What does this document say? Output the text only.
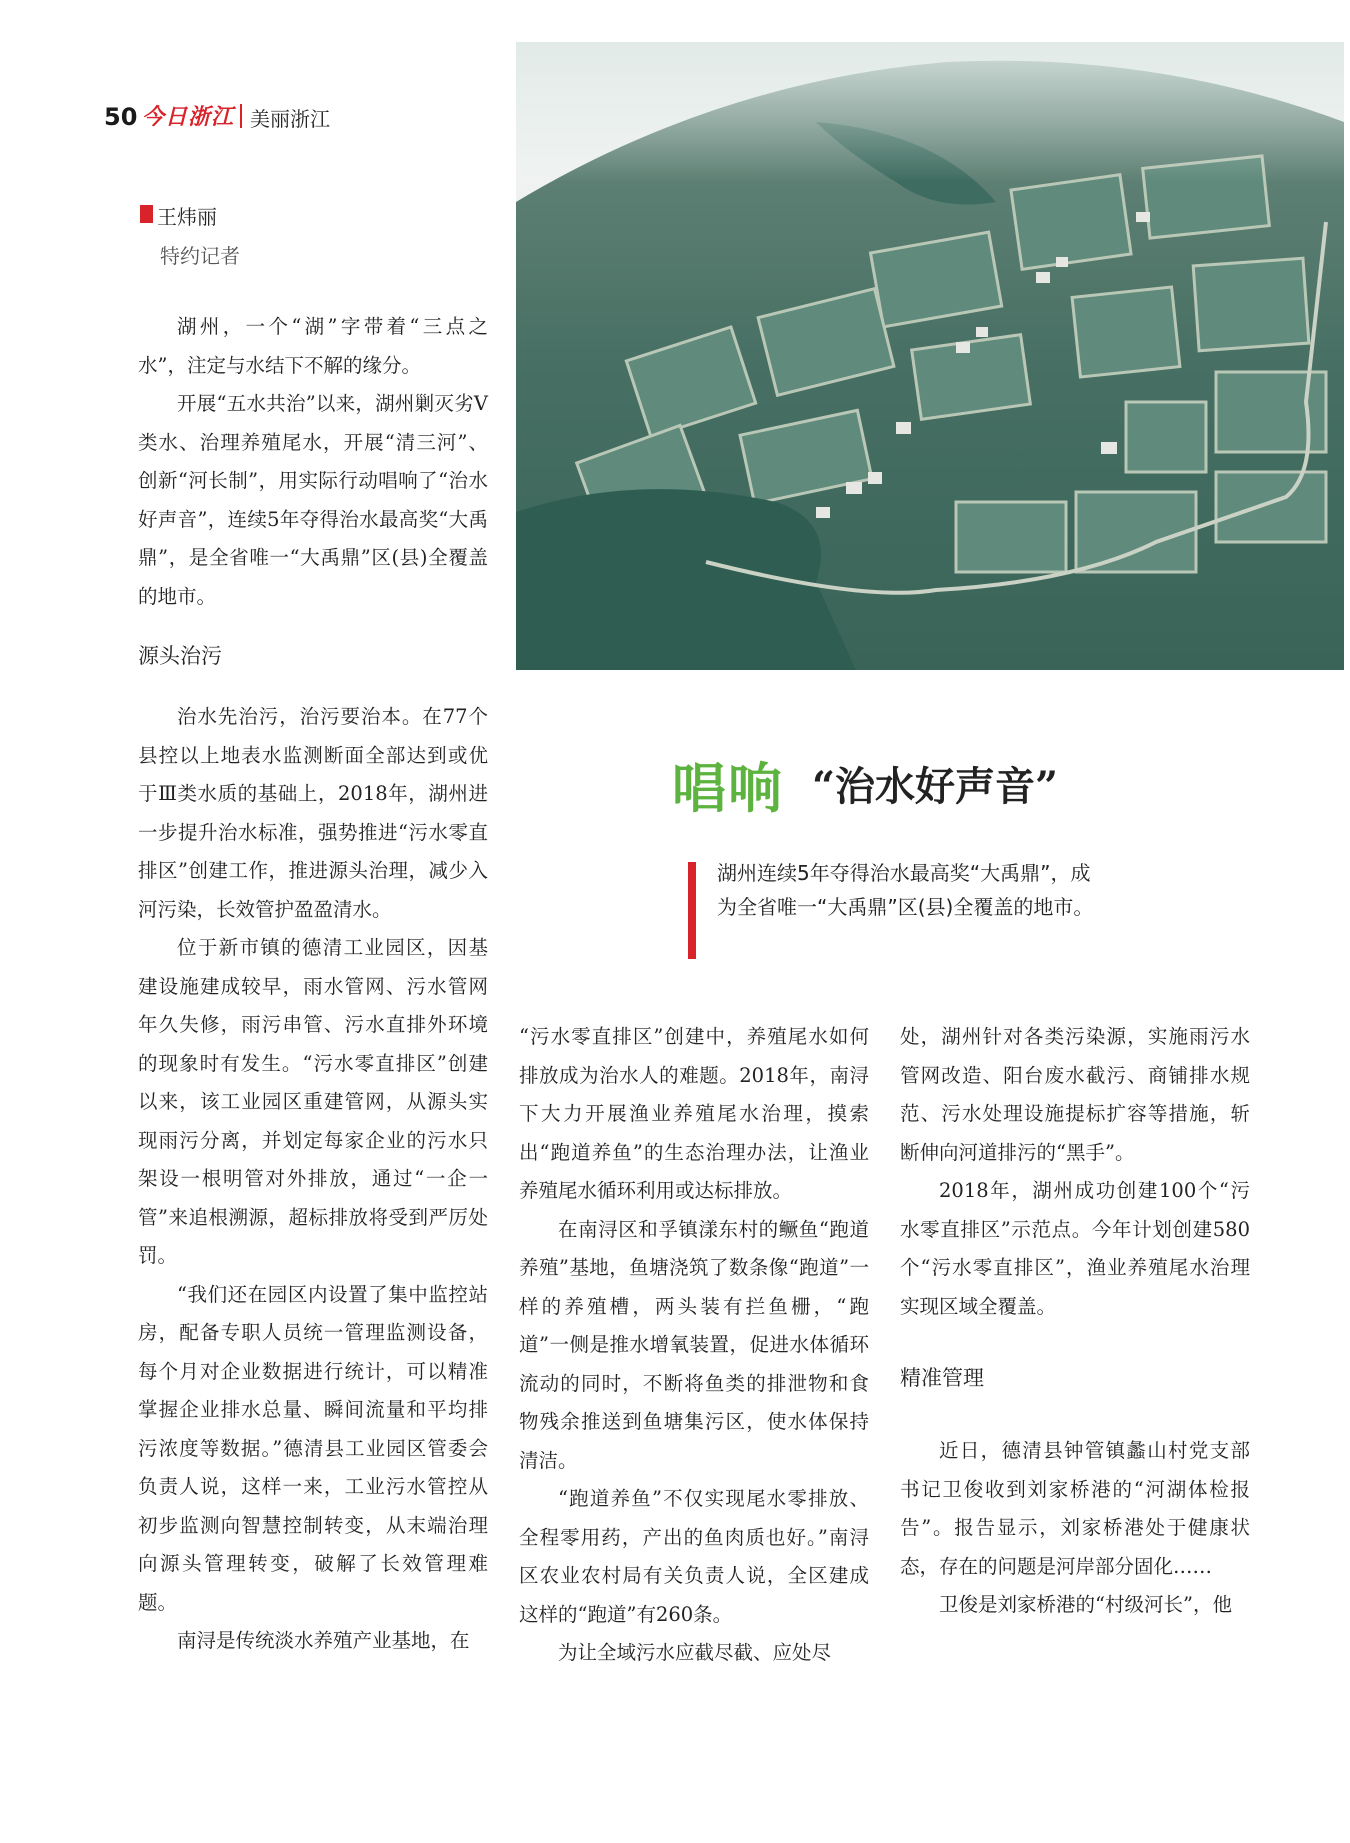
50 今日浙江 美丽浙江
王炜丽
特约记者
唱响 “治水好声音”
湖州连续5年夺得治水最高奖“大禹鼎”，成为全省唯一“大禹鼎”区(县)全覆盖的地市。

湖州，一个“湖”字带着“三点之水”，注定与水结下不解的缘分。

开展“五水共治”以来，湖州剿灭劣Ⅴ类水、治理养殖尾水，开展“清三河”、创新“河长制”，用实际行动唱响了“治水好声音”，连续5年夺得治水最高奖“大禹鼎”，是全省唯一“大禹鼎”区(县)全覆盖的地市。

源头治污

治水先治污，治污要治本。在77个县控以上地表水监测断面全部达到或优于Ⅲ类水质的基础上，2018年，湖州进一步提升治水标准，强势推进“污水零直排区”创建工作，推进源头治理，减少入河污染，长效管护盈盈清水。

位于新市镇的德清工业园区，因基建设施建成较早，雨水管网、污水管网年久失修，雨污串管、污水直排外环境的现象时有发生。“污水零直排区”创建以来，该工业园区重建管网，从源头实现雨污分离，并划定每家企业的污水只架设一根明管对外排放，通过“一企一管”来追根溯源，超标排放将受到严厉处罚。

“我们还在园区内设置了集中监控站房，配备专职人员统一管理监测设备，每个月对企业数据进行统计，可以精准掌握企业排水总量、瞬间流量和平均排污浓度等数据。”德清县工业园区管委会负责人说，这样一来，工业污水管控从初步监测向智慧控制转变，从末端治理向源头管理转变，破解了长效管理难题。

南浔是传统淡水养殖产业基地，在

“污水零直排区”创建中，养殖尾水如何排放成为治水人的难题。2018年，南浔下大力开展渔业养殖尾水治理，摸索出“跑道养鱼”的生态治理办法，让渔业养殖尾水循环利用或达标排放。

在南浔区和孚镇漾东村的鳜鱼“跑道养殖”基地，鱼塘浇筑了数条像“跑道”一样的养殖槽，两头装有拦鱼栅，“跑道”一侧是推水增氧装置，促进水体循环流动的同时，不断将鱼类的排泄物和食物残余推送到鱼塘集污区，使水体保持清洁。

“跑道养鱼”不仅实现尾水零排放、全程零用药，产出的鱼肉质也好。”南浔区农业农村局有关负责人说，全区建成这样的“跑道”有260条。

为让全域污水应截尽截、应处尽

处，湖州针对各类污染源，实施雨污水管网改造、阳台废水截污、商铺排水规范、污水处理设施提标扩容等措施，斩断伸向河道排污的“黑手”。

2018年，湖州成功创建100个“污水零直排区”示范点。今年计划创建580个“污水零直排区”，渔业养殖尾水治理实现区域全覆盖。

精准管理

近日，德清县钟管镇蠡山村党支部书记卫俊收到刘家桥港的“河湖体检报告”。报告显示，刘家桥港处于健康状态，存在的问题是河岸部分固化……

卫俊是刘家桥港的“村级河长”，他
